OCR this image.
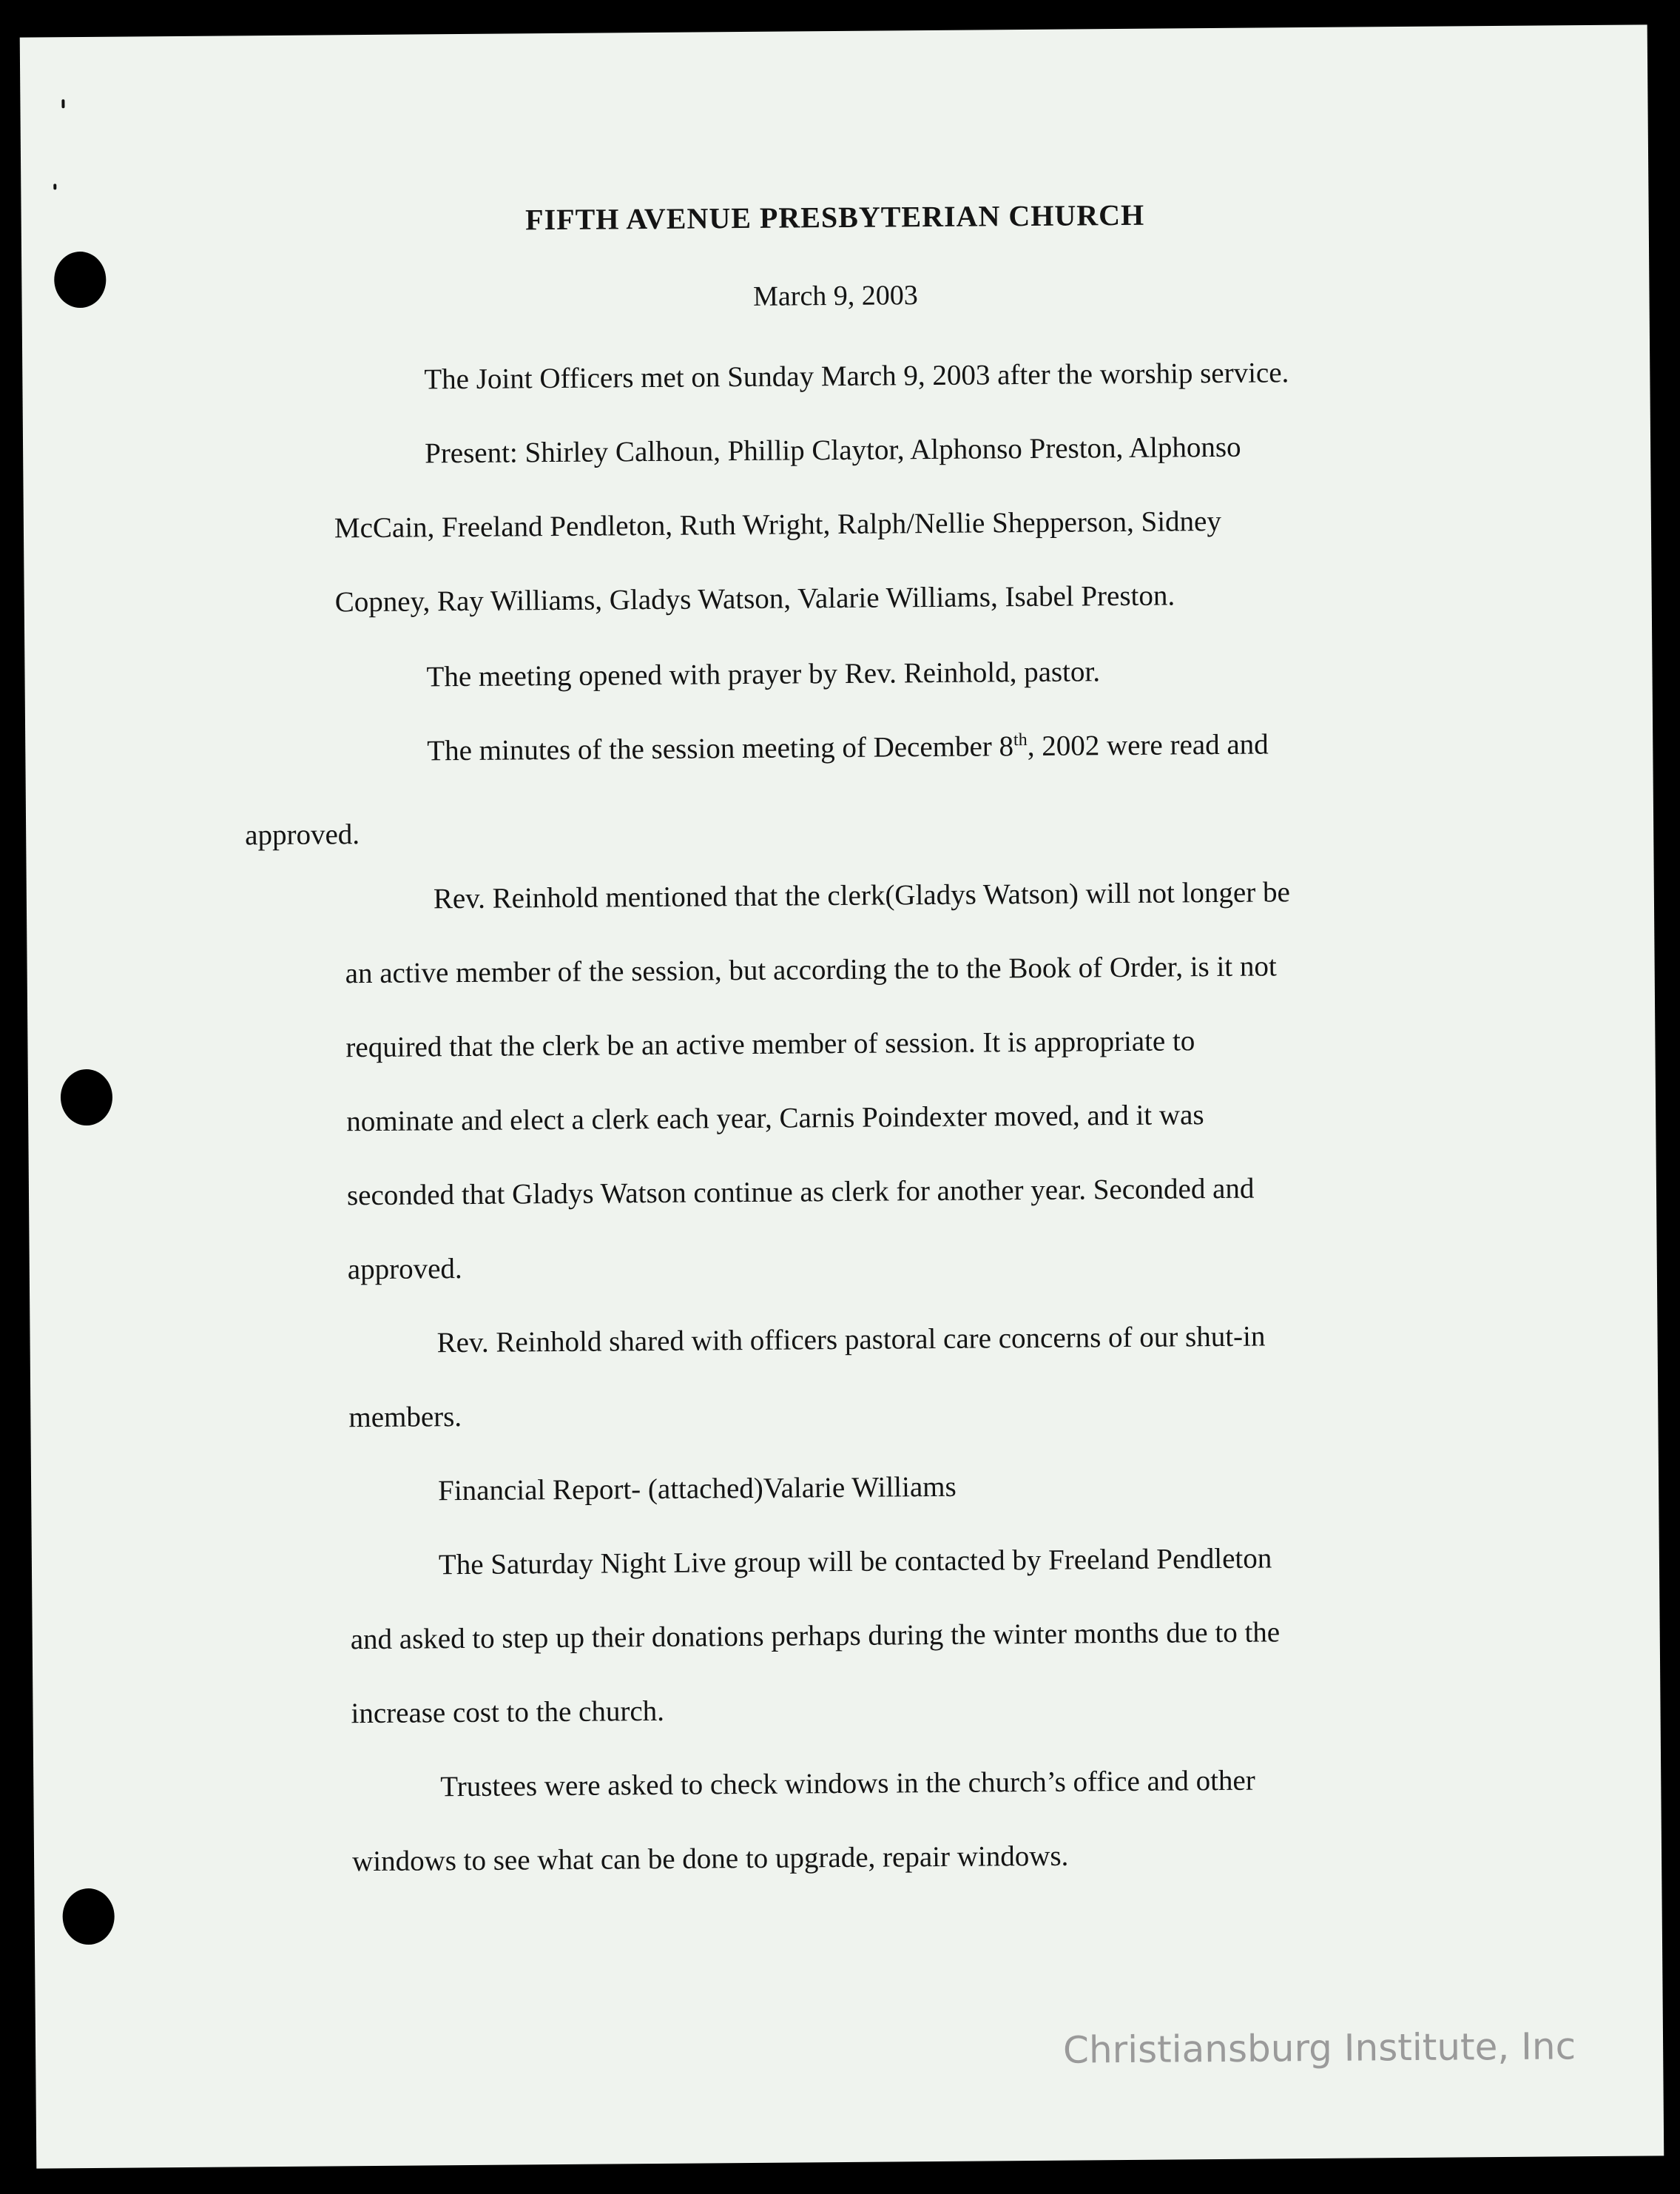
FIFTH AVENUE PRESBYTERIAN CHURCH
March 9, 2003
The Joint Officers met on Sunday March 9, 2003 after the worship service.
Present: Shirley Calhoun, Phillip Claytor, Alphonso Preston, Alphonso
McCain, Freeland Pendleton, Ruth Wright, Ralph/Nellie Shepperson, Sidney
Copney, Ray Williams, Gladys Watson, Valarie Williams, Isabel Preston.
The meeting opened with prayer by Rev. Reinhold, pastor.
The minutes of the session meeting of December 8th, 2002 were read and
approved.
Rev. Reinhold mentioned that the clerk(Gladys Watson) will not longer be
an active member of the session, but according the to the Book of Order, is it not
required that the clerk be an active member of session. It is appropriate to
nominate and elect a clerk each year, Carnis Poindexter moved, and it was
seconded that Gladys Watson continue as clerk for another year. Seconded and
approved.
Rev. Reinhold shared with officers pastoral care concerns of our shut-in
members.
Financial Report- (attached)Valarie Williams
The Saturday Night Live group will be contacted by Freeland Pendleton
and asked to step up their donations perhaps during the winter months due to the
increase cost to the church.
Trustees were asked to check windows in the church’s office and other
windows to see what can be done to upgrade, repair windows.
Christiansburg Institute, Inc
